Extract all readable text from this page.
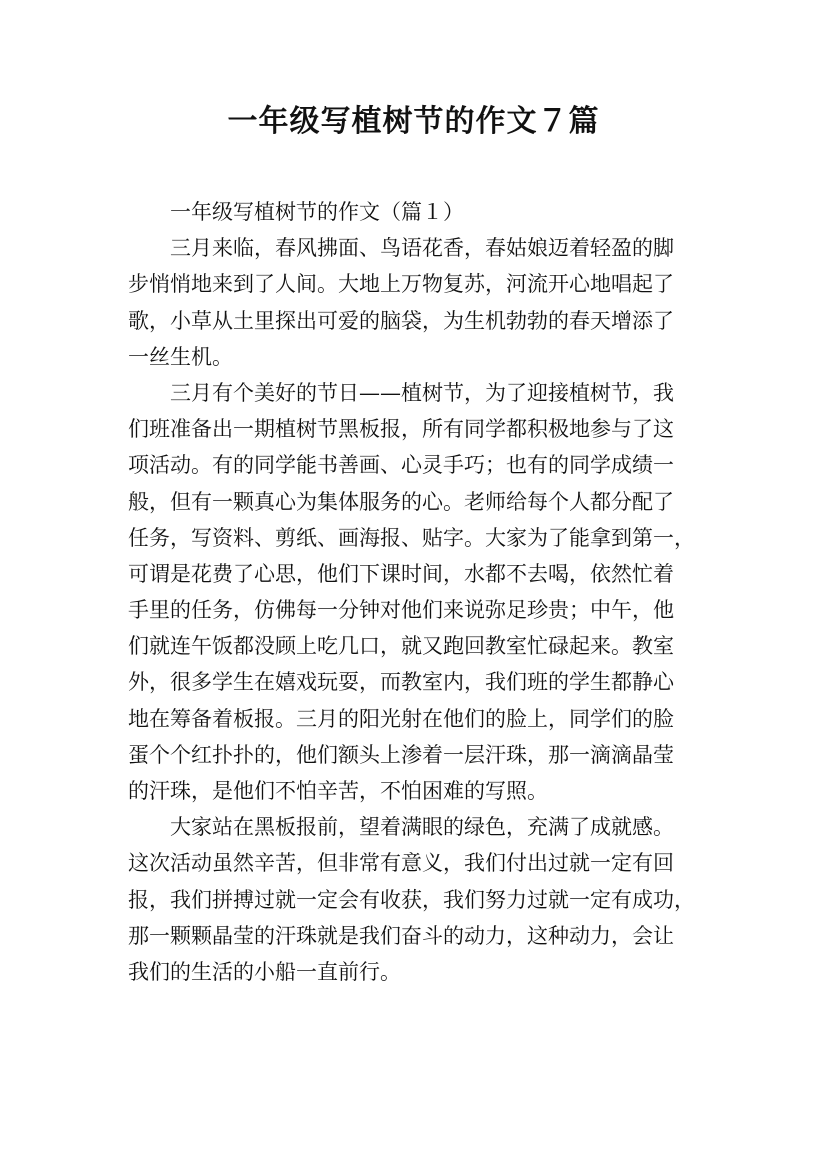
一年级写植树节的作文７篇

一年级写植树节的作文（篇１）

三月来临，春风拂面、鸟语花香，春姑娘迈着轻盈的脚

步悄悄地来到了人间。大地上万物复苏，河流开心地唱起了

歌，小草从土里探出可爱的脑袋，为生机勃勃的春天增添了

一丝生机。

三月有个美好的节日——植树节，为了迎接植树节，我

们班准备出一期植树节黑板报，所有同学都积极地参与了这

项活动。有的同学能书善画、心灵手巧；也有的同学成绩一

般，但有一颗真心为集体服务的心。老师给每个人都分配了

任务，写资料、剪纸、画海报、贴字。大家为了能拿到第一，

可谓是花费了心思，他们下课时间，水都不去喝，依然忙着

手里的任务，仿佛每一分钟对他们来说弥足珍贵；中午，他

们就连午饭都没顾上吃几口，就又跑回教室忙碌起来。教室

外，很多学生在嬉戏玩耍，而教室内，我们班的学生都静心

地在筹备着板报。三月的阳光射在他们的脸上，同学们的脸

蛋个个红扑扑的，他们额头上渗着一层汗珠，那一滴滴晶莹

的汗珠，是他们不怕辛苦，不怕困难的写照。

大家站在黑板报前，望着满眼的绿色，充满了成就感。

这次活动虽然辛苦，但非常有意义，我们付出过就一定有回

报，我们拼搏过就一定会有收获，我们努力过就一定有成功，

那一颗颗晶莹的汗珠就是我们奋斗的动力，这种动力，会让

我们的生活的小船一直前行。
